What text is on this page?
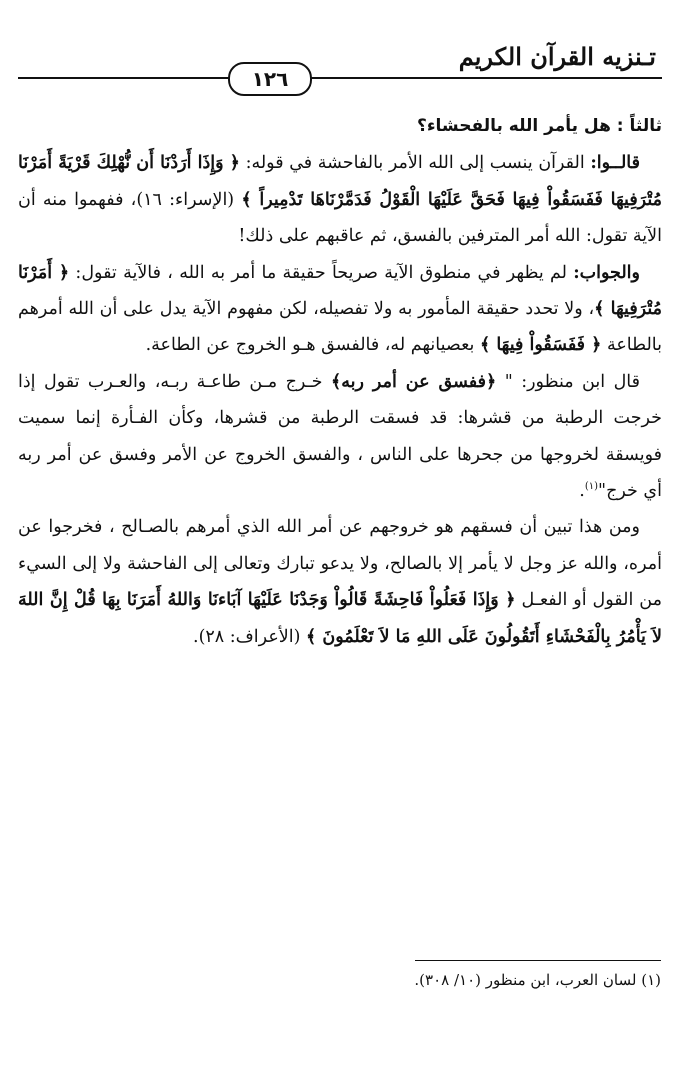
تـنزيه القرآن الكريم
١٢٦

ثالثاً : هل يأمر الله بالفحشاء؟

قالــوا: القرآن ينسب إلى الله الأمر بالفاحشة في قوله: ﴿ وَإِذَا أَرَدْنَا أَن نُّهْلِكَ قَرْيَةً أَمَرْنَا مُتْرَفِيهَا فَفَسَقُواْ فِيهَا فَحَقَّ عَلَيْهَا الْقَوْلُ فَدَمَّرْنَاهَا تَدْمِيراً ﴾ (الإسراء: ١٦)، ففهموا منه أن الآية تقول: الله أمر المترفين بالفسق، ثم عاقبهم على ذلك!

والجواب: لم يظهر في منطوق الآية صريحاً حقيقة ما أمر به الله ، فالآية تقول: ﴿ أَمَرْنَا مُتْرَفِيهَا ﴾، ولا تحدد حقيقة المأمور به ولا تفصيله، لكن مفهوم الآية يدل على أن الله أمرهم بالطاعة ﴿ فَفَسَقُواْ فِيهَا ﴾ بعصيانهم له، فالفسق هـو الخروج عن الطاعة.

قال ابن منظور: " ﴿ففسق عن أمر ربه﴾ خـرج مـن طاعـة ربـه، والعـرب تقول إذا خرجت الرطبة من قشرها: قد فسقت الرطبة من قشرها، وكأن الفـأرة إنما سميت فويسقة لخروجها من جحرها على الناس ، والفسق الخروج عن الأمر وفسق عن أمر ربه أي خرج"$^{(١)}$.

ومن هذا تبين أن فسقهم هو خروجهم عن أمر الله الذي أمرهم بالصـالح ، فخرجوا عن أمره، والله عز وجل لا يأمر إلا بالصالح، ولا يدعو تبارك وتعالى إلى الفاحشة ولا إلى السيء من القول أو الفعـل ﴿ وَإِذَا فَعَلُواْ فَاحِشَةً قَالُواْ وَجَدْنَا عَلَيْهَا آبَاءنَا وَاللهُ أَمَرَنَا بِهَا قُلْ إِنَّ اللهَ لاَ يَأْمُرُ بِالْفَحْشَاءِ أَتَقُولُونَ عَلَى اللهِ مَا لاَ تَعْلَمُونَ ﴾ (الأعراف: ٢٨).

(١) لسان العرب، ابن منظور (١٠/ ٣٠٨).
